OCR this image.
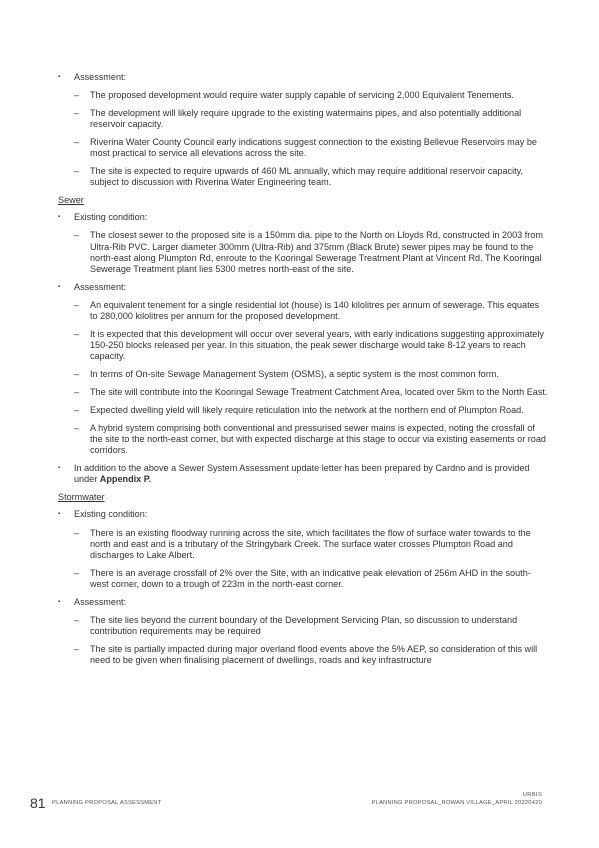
▪ Assessment:
– The proposed development would require water supply capable of servicing 2,000 Equivalent Tenements.
– The development will likely require upgrade to the existing watermains pipes, and also potentially additional reservoir capacity.
– Riverina Water County Council early indications suggest connection to the existing Bellevue Reservoirs may be most practical to service all elevations across the site.
– The site is expected to require upwards of 460 ML annually, which may require additional reservoir capacity, subject to discussion with Riverina Water Engineering team.
Sewer
▪ Existing condition:
– The closest sewer to the proposed site is a 150mm dia. pipe to the North on Lloyds Rd, constructed in 2003 from Ultra-Rib PVC. Larger diameter 300mm (Ultra-Rib) and 375mm (Black Brute) sewer pipes may be found to the north-east along Plumpton Rd, enroute to the Kooringal Sewerage Treatment Plant at Vincent Rd. The Kooringal Sewerage Treatment plant lies 5300 metres north-east of the site.
▪ Assessment:
– An equivalent tenement for a single residential lot (house) is 140 kilolitres per annum of sewerage. This equates to 280,000 kilolitres per annum for the proposed development.
– It is expected that this development will occur over several years, with early indications suggesting approximately 150-250 blocks released per year. In this situation, the peak sewer discharge would take 8-12 years to reach capacity.
– In terms of On-site Sewage Management System (OSMS), a septic system is the most common form.
– The site will contribute into the Kooringal Sewage Treatment Catchment Area, located over 5km to the North East.
– Expected dwelling yield will likely require reticulation into the network at the northern end of Plumpton Road.
– A hybrid system comprising both conventional and pressurised sewer mains is expected, noting the crossfall of the site to the north-east corner, but with expected discharge at this stage to occur via existing easements or road corridors.
▪ In addition to the above a Sewer System Assessment update letter has been prepared by Cardno and is provided under Appendix P.
Stormwater
▪ Existing condition:
– There is an existing floodway running across the site, which facilitates the flow of surface water towards to the north and east and is a tributary of the Stringybark Creek. The surface water crosses Plumpton Road and discharges to Lake Albert.
– There is an average crossfall of 2% over the Site, with an indicative peak elevation of 256m AHD in the south-west corner, down to a trough of 223m in the north-east corner.
▪ Assessment:
– The site lies beyond the current boundary of the Development Servicing Plan, so discussion to understand contribution requirements may be required
– The site is partially impacted during major overland flood events above the 5% AEP, so consideration of this will need to be given when finalising placement of dwellings, roads and key infrastructure
81 PLANNING PROPOSAL ASSESSMENT
URBIS
PLANNING PROPOSAL_ROWAN VILLAGE_APRIL 20220420
